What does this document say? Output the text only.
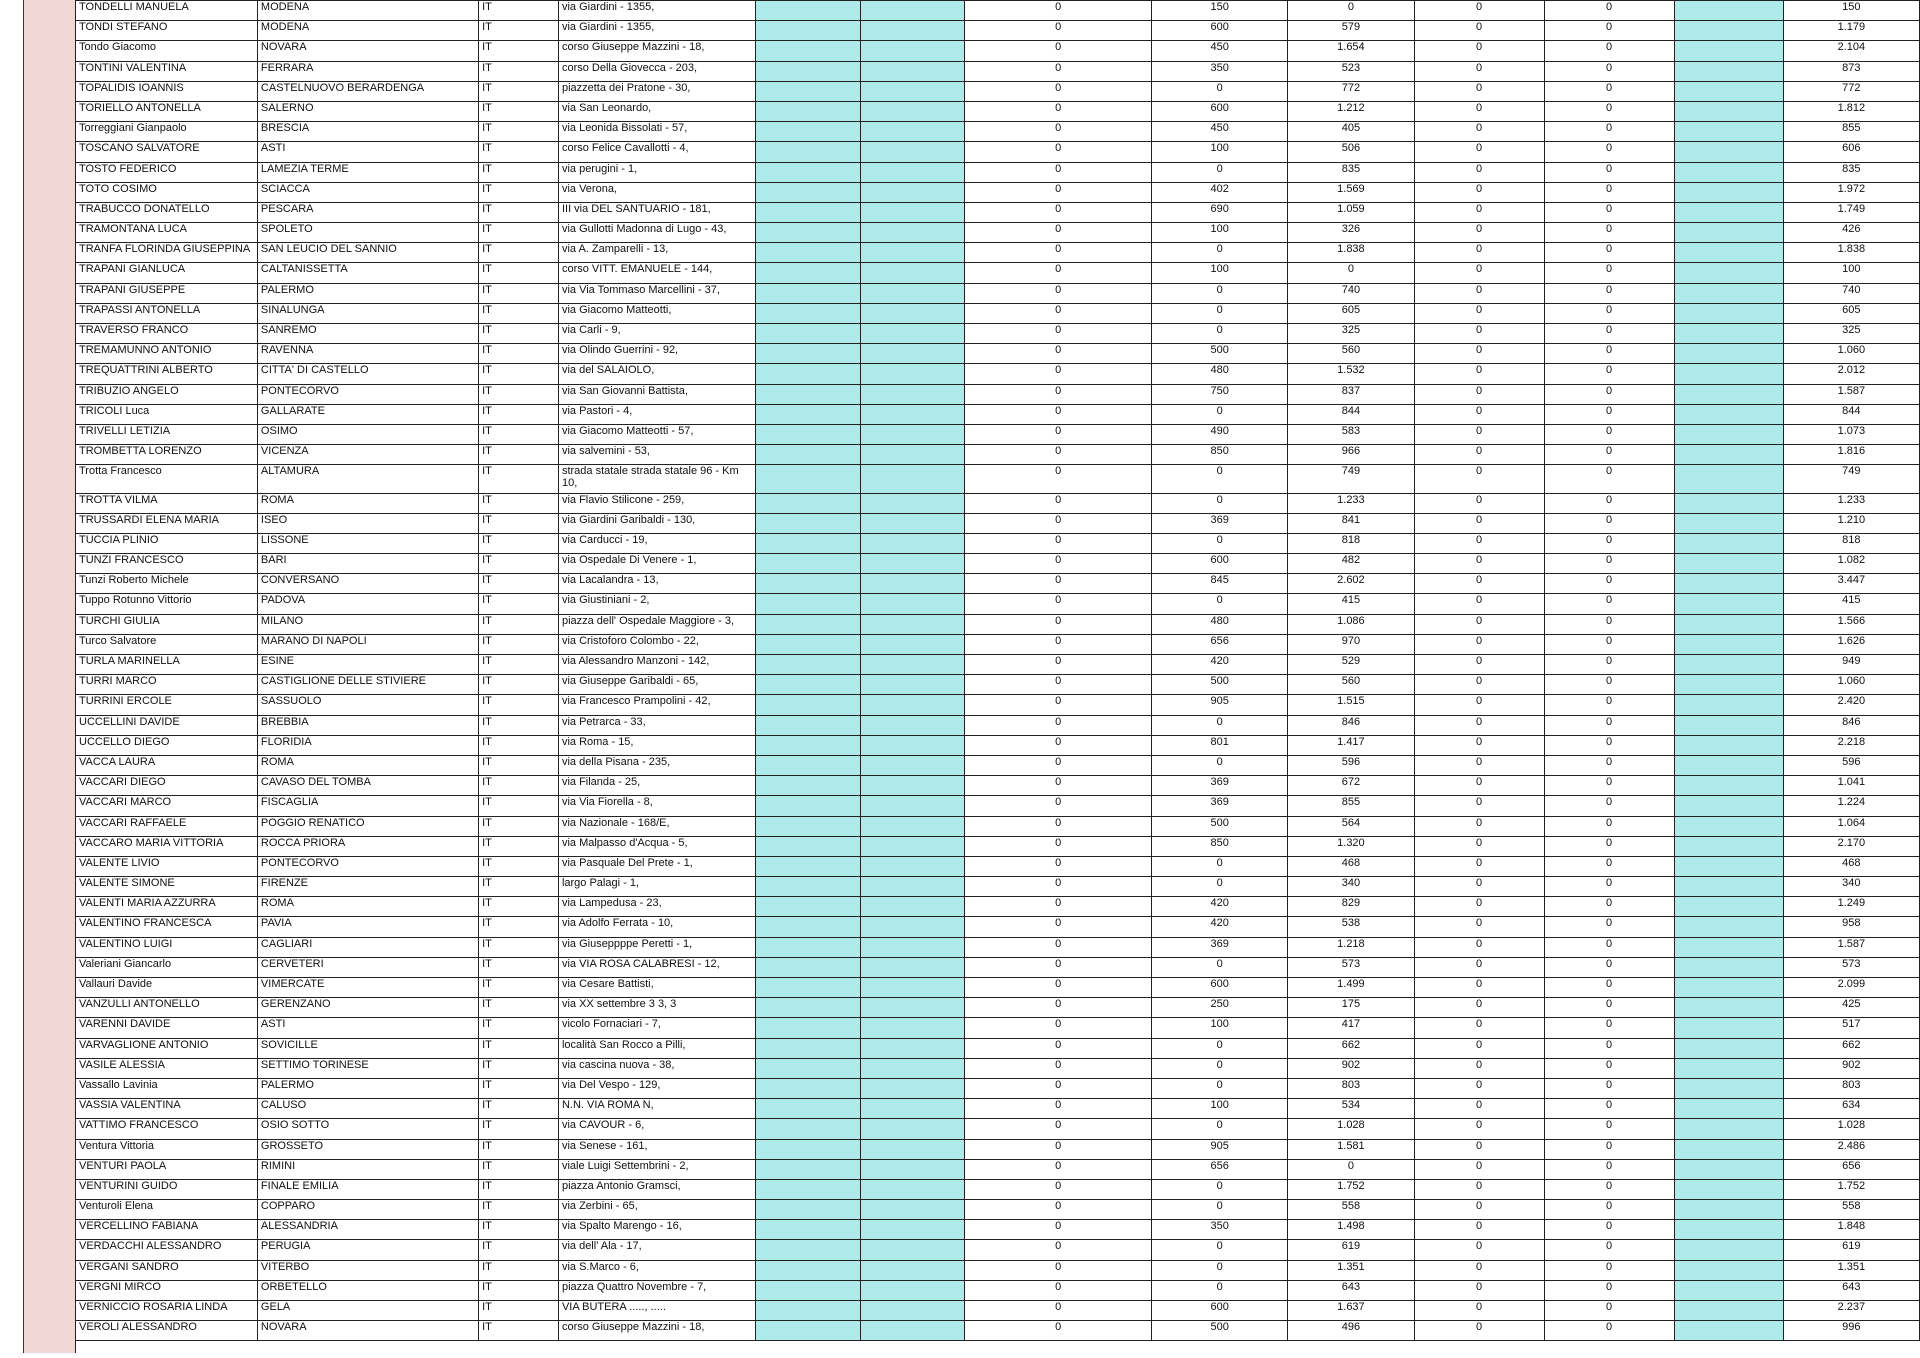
TONDELLI MANUELA	MODENA	IT	via Giardini - 1355,			0	150	0	0	0		150
TONDI STEFANO	MODENA	IT	via Giardini - 1355,			0	600	579	0	0		1.179
Tondo Giacomo	NOVARA	IT	corso Giuseppe Mazzini - 18,			0	450	1.654	0	0		2.104
TONTINI VALENTINA	FERRARA	IT	corso Della Giovecca - 203,			0	350	523	0	0		873
TOPALIDIS IOANNIS	CASTELNUOVO BERARDENGA	IT	piazzetta dei Pratone - 30,			0	0	772	0	0		772
TORIELLO ANTONELLA	SALERNO	IT	via San Leonardo,			0	600	1.212	0	0		1.812
Torreggiani Gianpaolo	BRESCIA	IT	via Leonida Bissolati - 57,			0	450	405	0	0		855
TOSCANO SALVATORE	ASTI	IT	corso Felice Cavallotti - 4,			0	100	506	0	0		606
TOSTO FEDERICO	LAMEZIA TERME	IT	via perugini - 1,			0	0	835	0	0		835
TOTO COSIMO	SCIACCA	IT	via Verona,			0	402	1.569	0	0		1.972
TRABUCCO DONATELLO	PESCARA	IT	III via DEL SANTUARIO - 181,			0	690	1.059	0	0		1.749
TRAMONTANA LUCA	SPOLETO	IT	via Gullotti Madonna di Lugo - 43,			0	100	326	0	0		426
TRANFA FLORINDA GIUSEPPINA	SAN LEUCIO DEL SANNIO	IT	via A. Zamparelli - 13,			0	0	1.838	0	0		1.838
TRAPANI GIANLUCA	CALTANISSETTA	IT	corso VITT. EMANUELE - 144,			0	100	0	0	0		100
TRAPANI GIUSEPPE	PALERMO	IT	via Via Tommaso Marcellini - 37,			0	0	740	0	0		740
TRAPASSI ANTONELLA	SINALUNGA	IT	via Giacomo Matteotti,			0	0	605	0	0		605
TRAVERSO FRANCO	SANREMO	IT	via Carli - 9,			0	0	325	0	0		325
TREMAMUNNO ANTONIO	RAVENNA	IT	via Olindo Guerrini - 92,			0	500	560	0	0		1.060
TREQUATTRINI ALBERTO	CITTA' DI CASTELLO	IT	via del SALAIOLO,			0	480	1.532	0	0		2.012
TRIBUZIO ANGELO	PONTECORVO	IT	via San Giovanni Battista,			0	750	837	0	0		1.587
TRICOLI Luca	GALLARATE	IT	via Pastori - 4,			0	0	844	0	0		844
TRIVELLI LETIZIA	OSIMO	IT	via Giacomo Matteotti - 57,			0	490	583	0	0		1.073
TROMBETTA LORENZO	VICENZA	IT	via salvemini - 53,			0	850	966	0	0		1.816
Trotta Francesco	ALTAMURA	IT	strada statale strada statale 96 - Km 10,			0	0	749	0	0		749
TROTTA VILMA	ROMA	IT	via Flavio Stilicone - 259,			0	0	1.233	0	0		1.233
TRUSSARDI ELENA MARIA	ISEO	IT	via Giardini Garibaldi - 130,			0	369	841	0	0		1.210
TUCCIA PLINIO	LISSONE	IT	via Carducci - 19,			0	0	818	0	0		818
TUNZI FRANCESCO	BARI	IT	via Ospedale Di Venere - 1,			0	600	482	0	0		1.082
Tunzi Roberto Michele	CONVERSANO	IT	via Lacalandra - 13,			0	845	2.602	0	0		3.447
Tuppo Rotunno Vittorio	PADOVA	IT	via Giustiniani - 2,			0	0	415	0	0		415
TURCHI GIULIA	MILANO	IT	piazza dell' Ospedale Maggiore - 3,			0	480	1.086	0	0		1.566
Turco Salvatore	MARANO DI NAPOLI	IT	via Cristoforo Colombo - 22,			0	656	970	0	0		1.626
TURLA MARINELLA	ESINE	IT	via Alessandro Manzoni - 142,			0	420	529	0	0		949
TURRI MARCO	CASTIGLIONE DELLE STIVIERE	IT	via Giuseppe Garibaldi - 65,			0	500	560	0	0		1.060
TURRINI ERCOLE	SASSUOLO	IT	via Francesco Prampolini - 42,			0	905	1.515	0	0		2.420
UCCELLINI DAVIDE	BREBBIA	IT	via Petrarca - 33,			0	0	846	0	0		846
UCCELLO DIEGO	FLORIDIA	IT	via Roma - 15,			0	801	1.417	0	0		2.218
VACCA LAURA	ROMA	IT	via della Pisana - 235,			0	0	596	0	0		596
VACCARI DIEGO	CAVASO DEL TOMBA	IT	via Filanda - 25,			0	369	672	0	0		1.041
VACCARI MARCO	FISCAGLIA	IT	via Via Fiorella - 8,			0	369	855	0	0		1.224
VACCARI RAFFAELE	POGGIO RENATICO	IT	via Nazionale - 168/E,			0	500	564	0	0		1.064
VACCARO MARIA VITTORIA	ROCCA PRIORA	IT	via Malpasso d'Acqua - 5,			0	850	1.320	0	0		2.170
VALENTE LIVIO	PONTECORVO	IT	via Pasquale Del Prete - 1,			0	0	468	0	0		468
VALENTE SIMONE	FIRENZE	IT	largo Palagi - 1,			0	0	340	0	0		340
VALENTI MARIA AZZURRA	ROMA	IT	via Lampedusa - 23,			0	420	829	0	0		1.249
VALENTINO FRANCESCA	PAVIA	IT	via Adolfo Ferrata - 10,			0	420	538	0	0		958
VALENTINO LUIGI	CAGLIARI	IT	via Giuseppppe Peretti - 1,			0	369	1.218	0	0		1.587
Valeriani Giancarlo	CERVETERI	IT	via VIA ROSA CALABRESI - 12,			0	0	573	0	0		573
Vallauri Davide	VIMERCATE	IT	via Cesare Battisti,			0	600	1.499	0	0		2.099
VANZULLI ANTONELLO	GERENZANO	IT	via XX settembre 3 3, 3			0	250	175	0	0		425
VARENNI DAVIDE	ASTI	IT	vicolo Fornaciari - 7,			0	100	417	0	0		517
VARVAGLIONE ANTONIO	SOVICILLE	IT	località San Rocco a Pilli,			0	0	662	0	0		662
VASILE ALESSIA	SETTIMO TORINESE	IT	via cascina nuova - 38,			0	0	902	0	0		902
Vassallo Lavinia	PALERMO	IT	via Del Vespo - 129,			0	0	803	0	0		803
VASSIA VALENTINA	CALUSO	IT	N.N. VIA ROMA N,			0	100	534	0	0		634
VATTIMO FRANCESCO	OSIO SOTTO	IT	via CAVOUR - 6,			0	0	1.028	0	0		1.028
Ventura Vittoria	GROSSETO	IT	via Senese - 161,			0	905	1.581	0	0		2.486
VENTURI PAOLA	RIMINI	IT	viale Luigi Settembrini - 2,			0	656	0	0	0		656
VENTURINI GUIDO	FINALE EMILIA	IT	piazza Antonio Gramsci,			0	0	1.752	0	0		1.752
Venturoli Elena	COPPARO	IT	via Zerbini - 65,			0	0	558	0	0		558
VERCELLINO FABIANA	ALESSANDRIA	IT	via Spalto Marengo - 16,			0	350	1.498	0	0		1.848
VERDACCHI ALESSANDRO	PERUGIA	IT	via dell' Ala - 17,			0	0	619	0	0		619
VERGANI SANDRO	VITERBO	IT	via S.Marco - 6,			0	0	1.351	0	0		1.351
VERGNI MIRCO	ORBETELLO	IT	piazza Quattro Novembre - 7,			0	0	643	0	0		643
VERNICCIO ROSARIA LINDA	GELA	IT	VIA BUTERA ....., .....			0	600	1.637	0	0		2.237
VEROLI ALESSANDRO	NOVARA	IT	corso Giuseppe Mazzini - 18,			0	500	496	0	0		996
